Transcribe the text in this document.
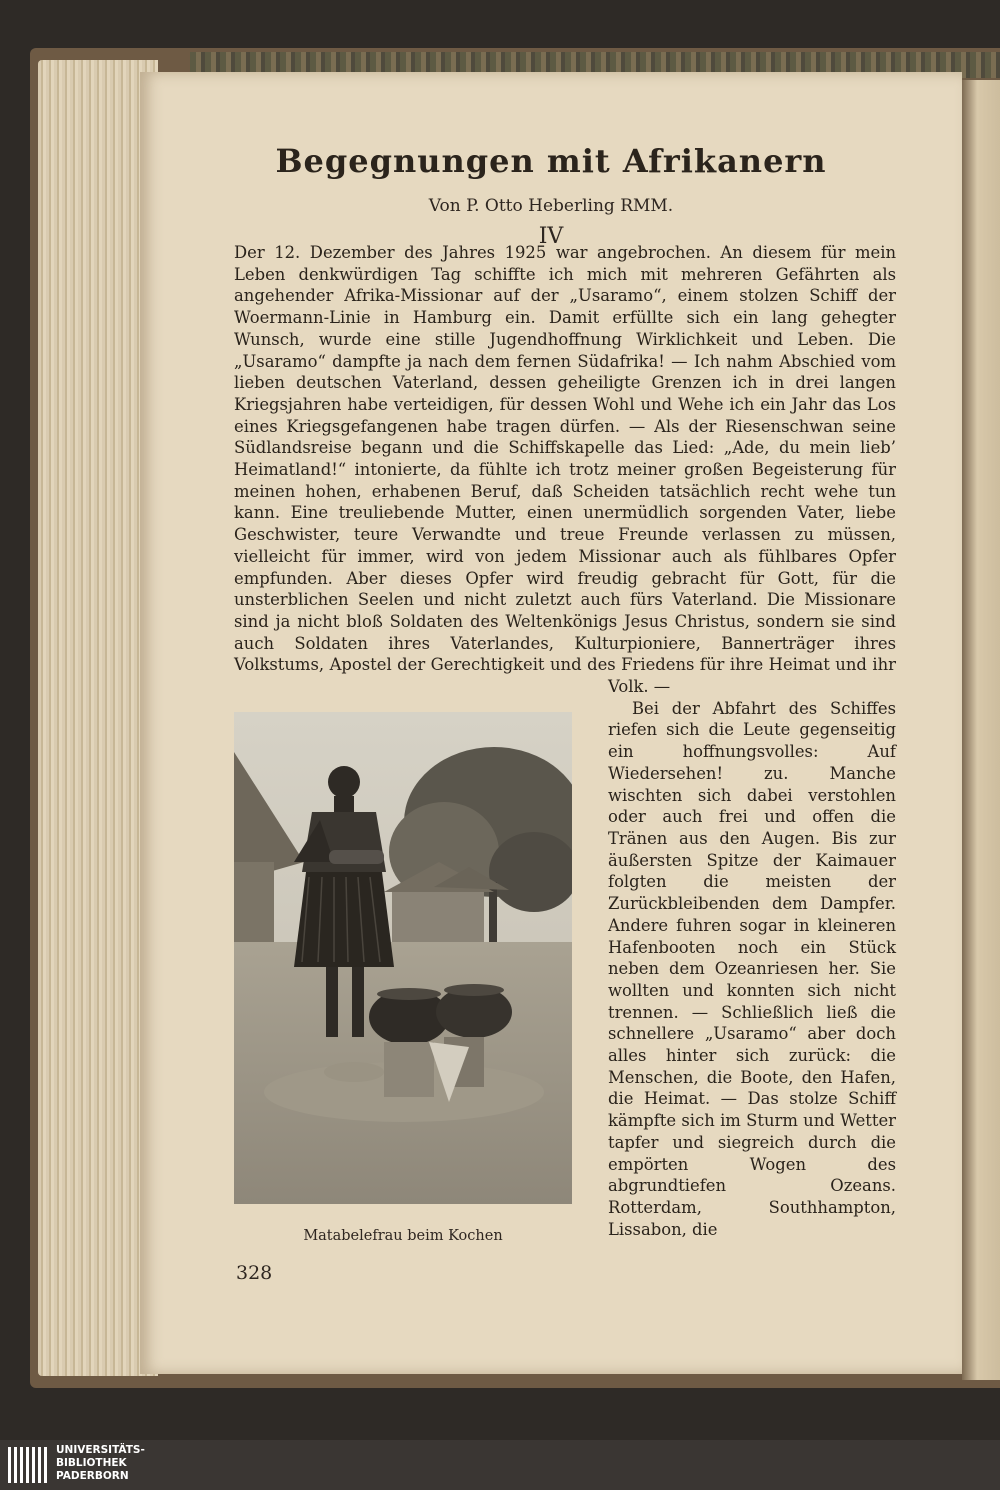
Begegnungen mit Afrikanern
Von P. Otto Heberling RMM.
IV

Der 12. Dezember des Jahres 1925 war angebrochen. An diesem für mein Leben denkwürdigen Tag schiffte ich mich mit mehreren Gefährten als angehender Afrika-Missionar auf der „Usaramo“, einem stolzen Schiff der Woermann-Linie in Hamburg ein. Damit erfüllte sich ein lang gehegter Wunsch, wurde eine stille Jugendhoffnung Wirklichkeit und Leben. Die „Usaramo“ dampfte ja nach dem fernen Südafrika! — Ich nahm Abschied vom lieben deutschen Vaterland, dessen geheiligte Grenzen ich in drei langen Kriegsjahren habe verteidigen, für dessen Wohl und Wehe ich ein Jahr das Los eines Kriegsgefangenen habe tragen dürfen. — Als der Riesenschwan seine Südlandsreise begann und die Schiffskapelle das Lied: „Ade, du mein lieb’ Heimatland!“ intonierte, da fühlte ich trotz meiner großen Begeisterung für meinen hohen, erhabenen Beruf, daß Scheiden tatsächlich recht wehe tun kann. Eine treuliebende Mutter, einen unermüdlich sorgenden Vater, liebe Geschwister, teure Verwandte und treue Freunde verlassen zu müssen, vielleicht für immer, wird von jedem Missionar auch als fühlbares Opfer empfunden. Aber dieses Opfer wird freudig gebracht für Gott, für die unsterblichen Seelen und nicht zuletzt auch fürs Vaterland. Die Missionare sind ja nicht bloß Soldaten des Weltenkönigs Jesus Christus, sondern sie sind auch Soldaten ihres Vaterlandes, Kulturpioniere, Bannerträger ihres Volkstums, Apostel der Gerechtigkeit und des Friedens für ihre Heimat und ihr Volk. —

Bei der Abfahrt des Schiffes riefen sich die Leute gegenseitig ein hoffnungsvolles: Auf Wiedersehen! zu. Manche wischten sich dabei verstohlen oder auch frei und offen die Tränen aus den Augen. Bis zur äußersten Spitze der Kaimauer folgten die meisten der Zurückbleibenden dem Dampfer. Andere fuhren sogar in kleineren Hafenbooten noch ein Stück neben dem Ozeanriesen her. Sie wollten und konnten sich nicht trennen. — Schließlich ließ die schnellere „Usaramo“ aber doch alles hinter sich zurück: die Menschen, die Boote, den Hafen, die Heimat. — Das stolze Schiff kämpfte sich im Sturm und Wetter tapfer und siegreich durch die empörten Wogen des abgrundtiefen Ozeans. Rotterdam, Southhampton, Lissabon, die

Matabelefrau beim Kochen
328
UNIVERSITÄTS-
BIBLIOTHEK
PADERBORN
